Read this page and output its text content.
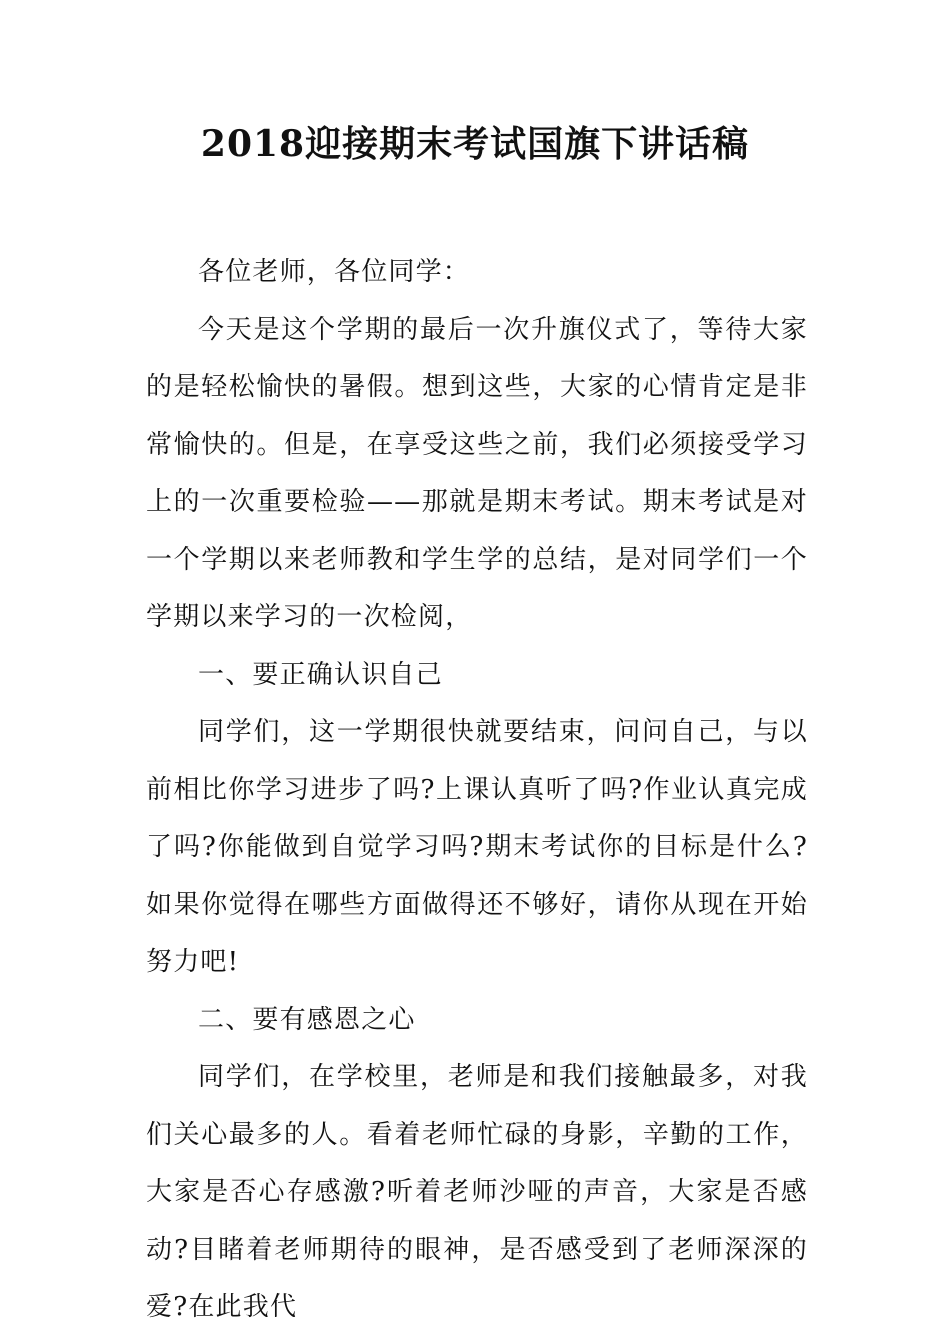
2018迎接期末考试国旗下讲话稿

各位老师，各位同学：

今天是这个学期的最后一次升旗仪式了，等待大家的是轻松愉快的暑假。想到这些，大家的心情肯定是非常愉快的。但是，在享受这些之前，我们必须接受学习上的一次重要检验——那就是期末考试。期末考试是对一个学期以来老师教和学生学的总结，是对同学们一个学期以来学习的一次检阅，

一、要正确认识自己

同学们，这一学期很快就要结束，问问自己，与以前相比你学习进步了吗?上课认真听了吗?作业认真完成了吗?你能做到自觉学习吗?期末考试你的目标是什么?如果你觉得在哪些方面做得还不够好，请你从现在开始努力吧!

二、要有感恩之心

同学们，在学校里，老师是和我们接触最多，对我们关心最多的人。看着老师忙碌的身影，辛勤的工作，大家是否心存感激?听着老师沙哑的声音，大家是否感动?目睹着老师期待的眼神，是否感受到了老师深深的爱?在此我代
